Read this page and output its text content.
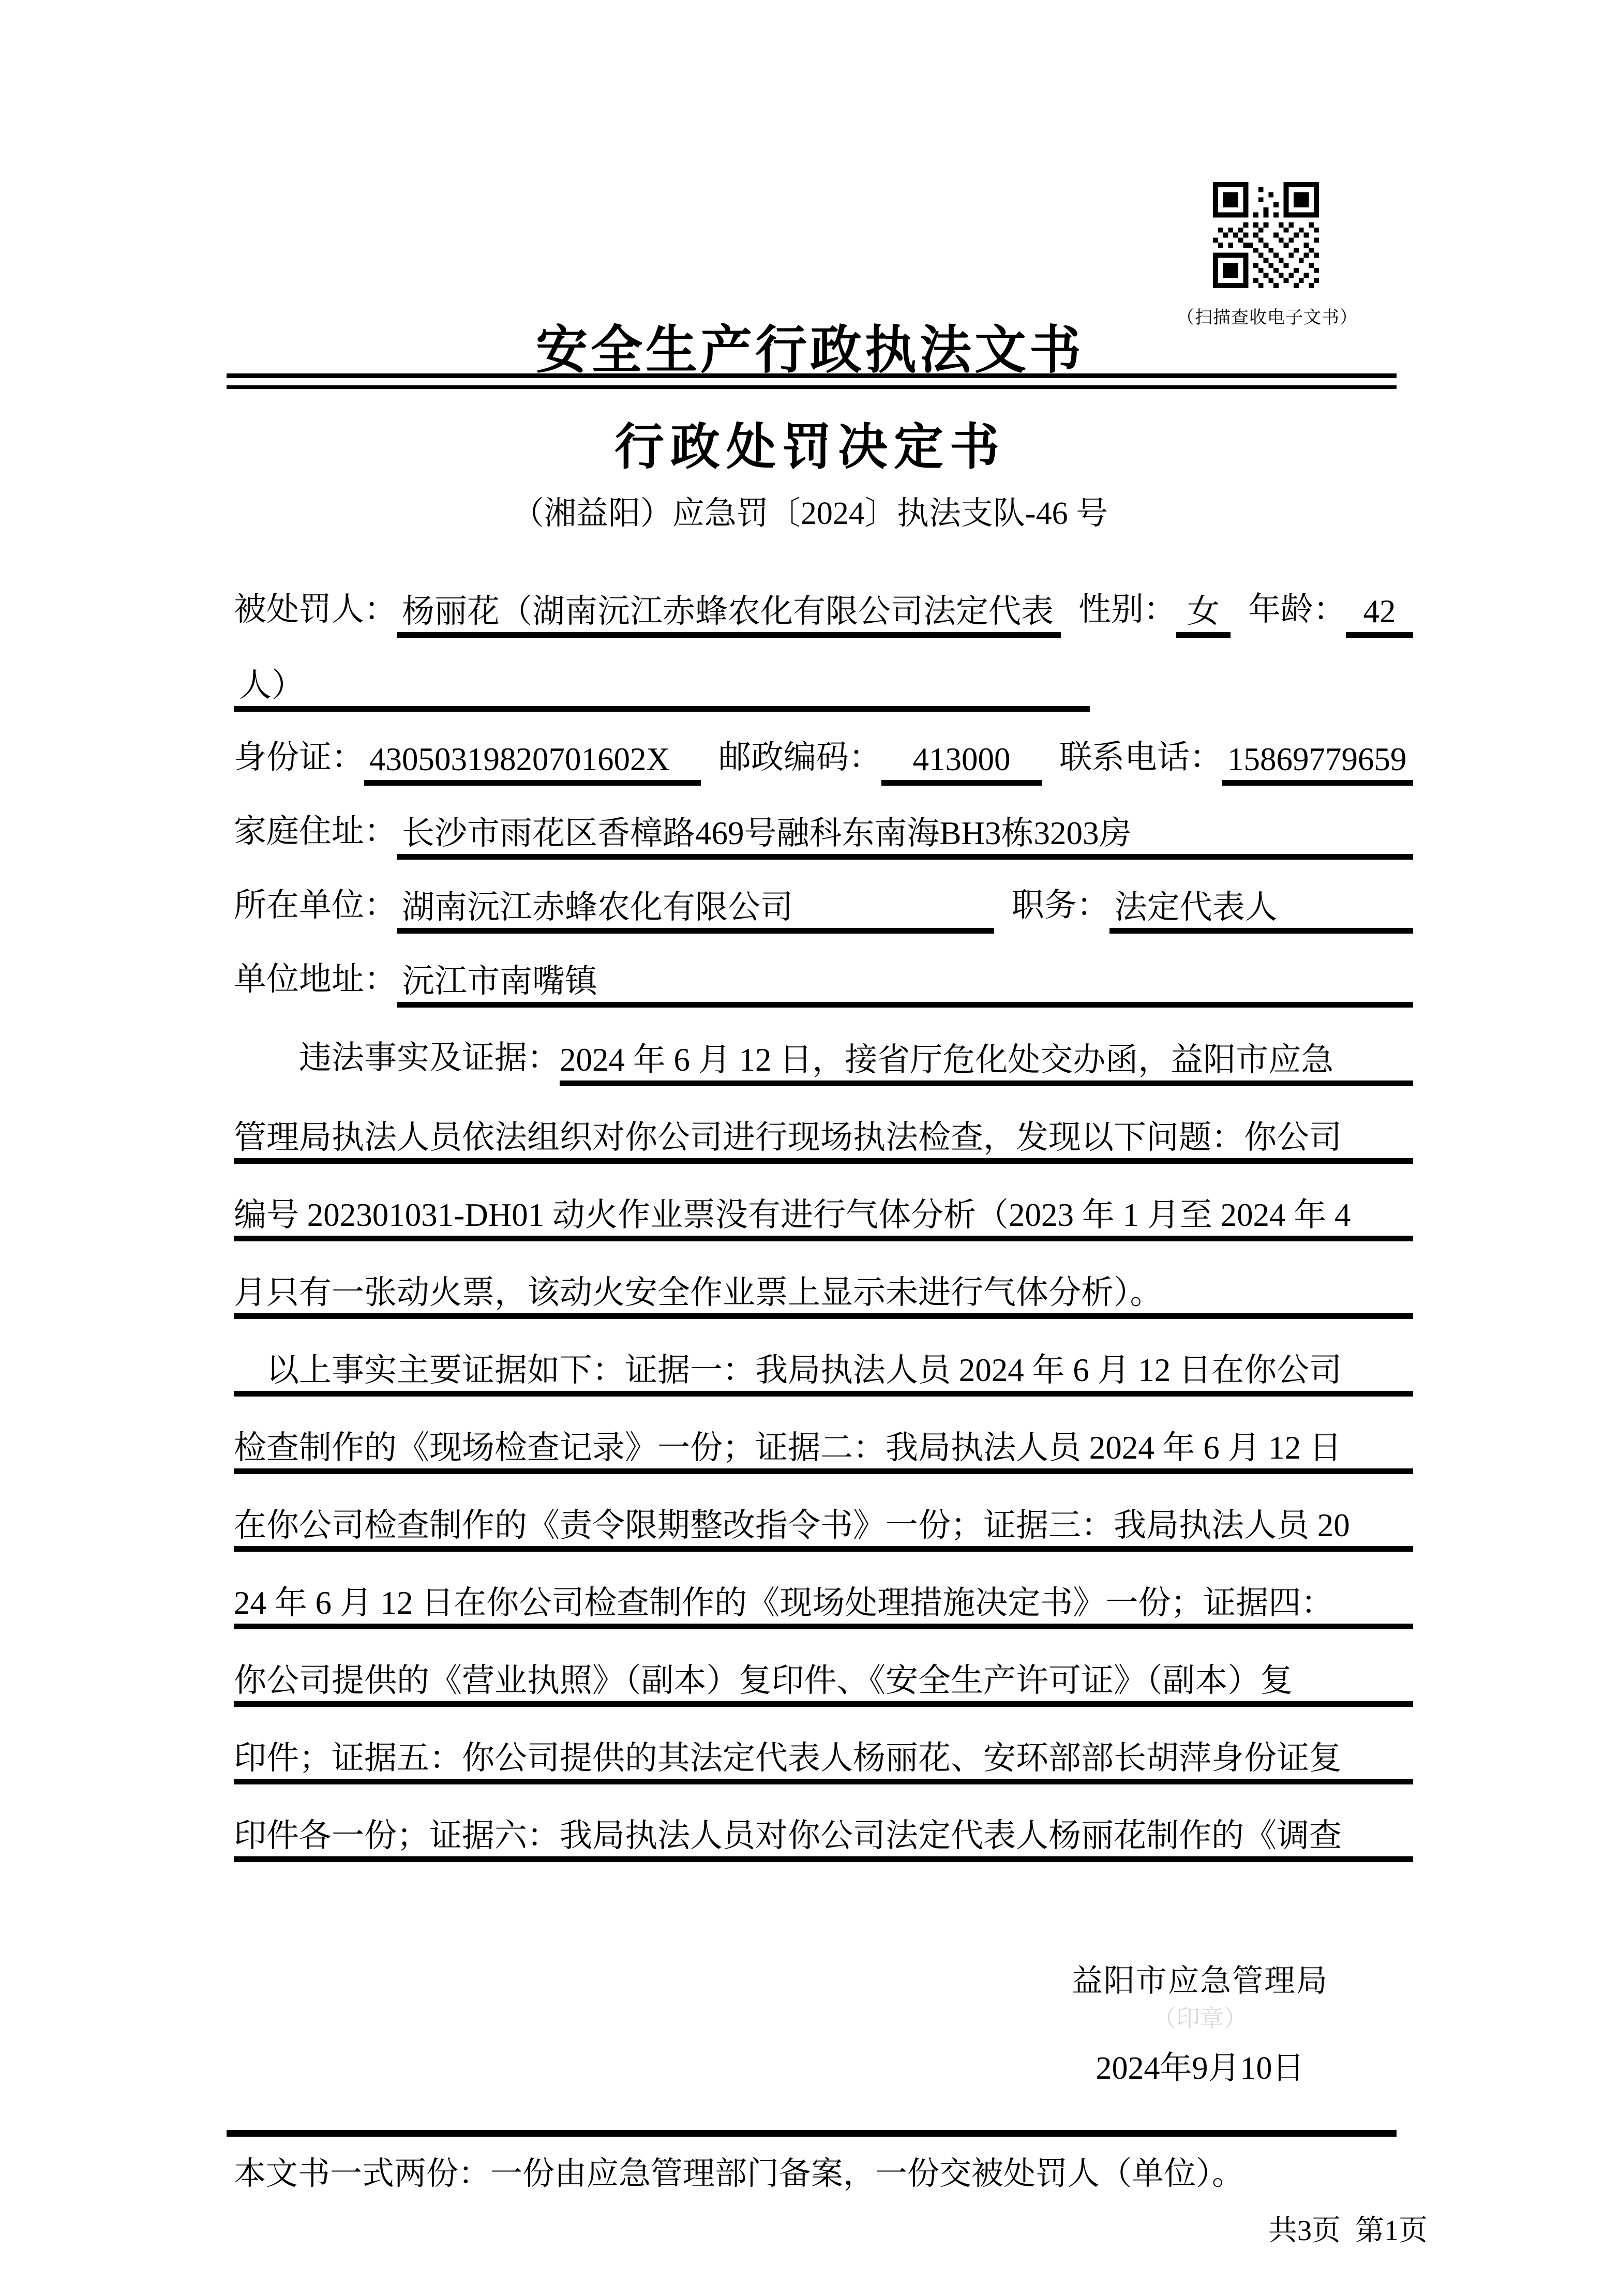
（扫描查收电子文书）
安全生产行政执法文书
行政处罚决定书
（湘益阳）应急罚〔2024〕执法支队-46 号
被处罚人： 杨丽花（湖南沅江赤蜂农化有限公司法定代表 性别： 女 年龄： 42
人）
身份证： 43050319820701602X	邮政编码： 413000	联系电话： 15869779659
家庭住址： 长沙市雨花区香樟路469号融科东南海BH3栋3203房
所在单位： 湖南沅江赤蜂农化有限公司	职务： 法定代表人
单位地址： 沅江市南嘴镇
　　违法事实及证据： 2024 年 6 月 12 日，接省厅危化处交办函，益阳市应急
管理局执法人员依法组织对你公司进行现场执法检查，发现以下问题：你公司
编号 202301031-DH01 动火作业票没有进行气体分析（2023 年 1 月至 2024 年 4
月只有一张动火票，该动火安全作业票上显示未进行气体分析）。
　以上事实主要证据如下：证据一：我局执法人员 2024 年 6 月 12 日在你公司
检查制作的《现场检查记录》一份；证据二：我局执法人员 2024 年 6 月 12 日
在你公司检查制作的《责令限期整改指令书》一份；证据三：我局执法人员 20
24 年 6 月 12 日在你公司检查制作的《现场处理措施决定书》一份；证据四：
你公司提供的《营业执照》（副本）复印件、《安全生产许可证》（副本）复
印件；证据五：你公司提供的其法定代表人杨丽花、安环部部长胡萍身份证复
印件各一份；证据六：我局执法人员对你公司法定代表人杨丽花制作的《调查
益阳市应急管理局
（印章）
2024年9月10日
本文书一式两份：一份由应急管理部门备案，一份交被处罚人（单位）。
共3页  第1页
